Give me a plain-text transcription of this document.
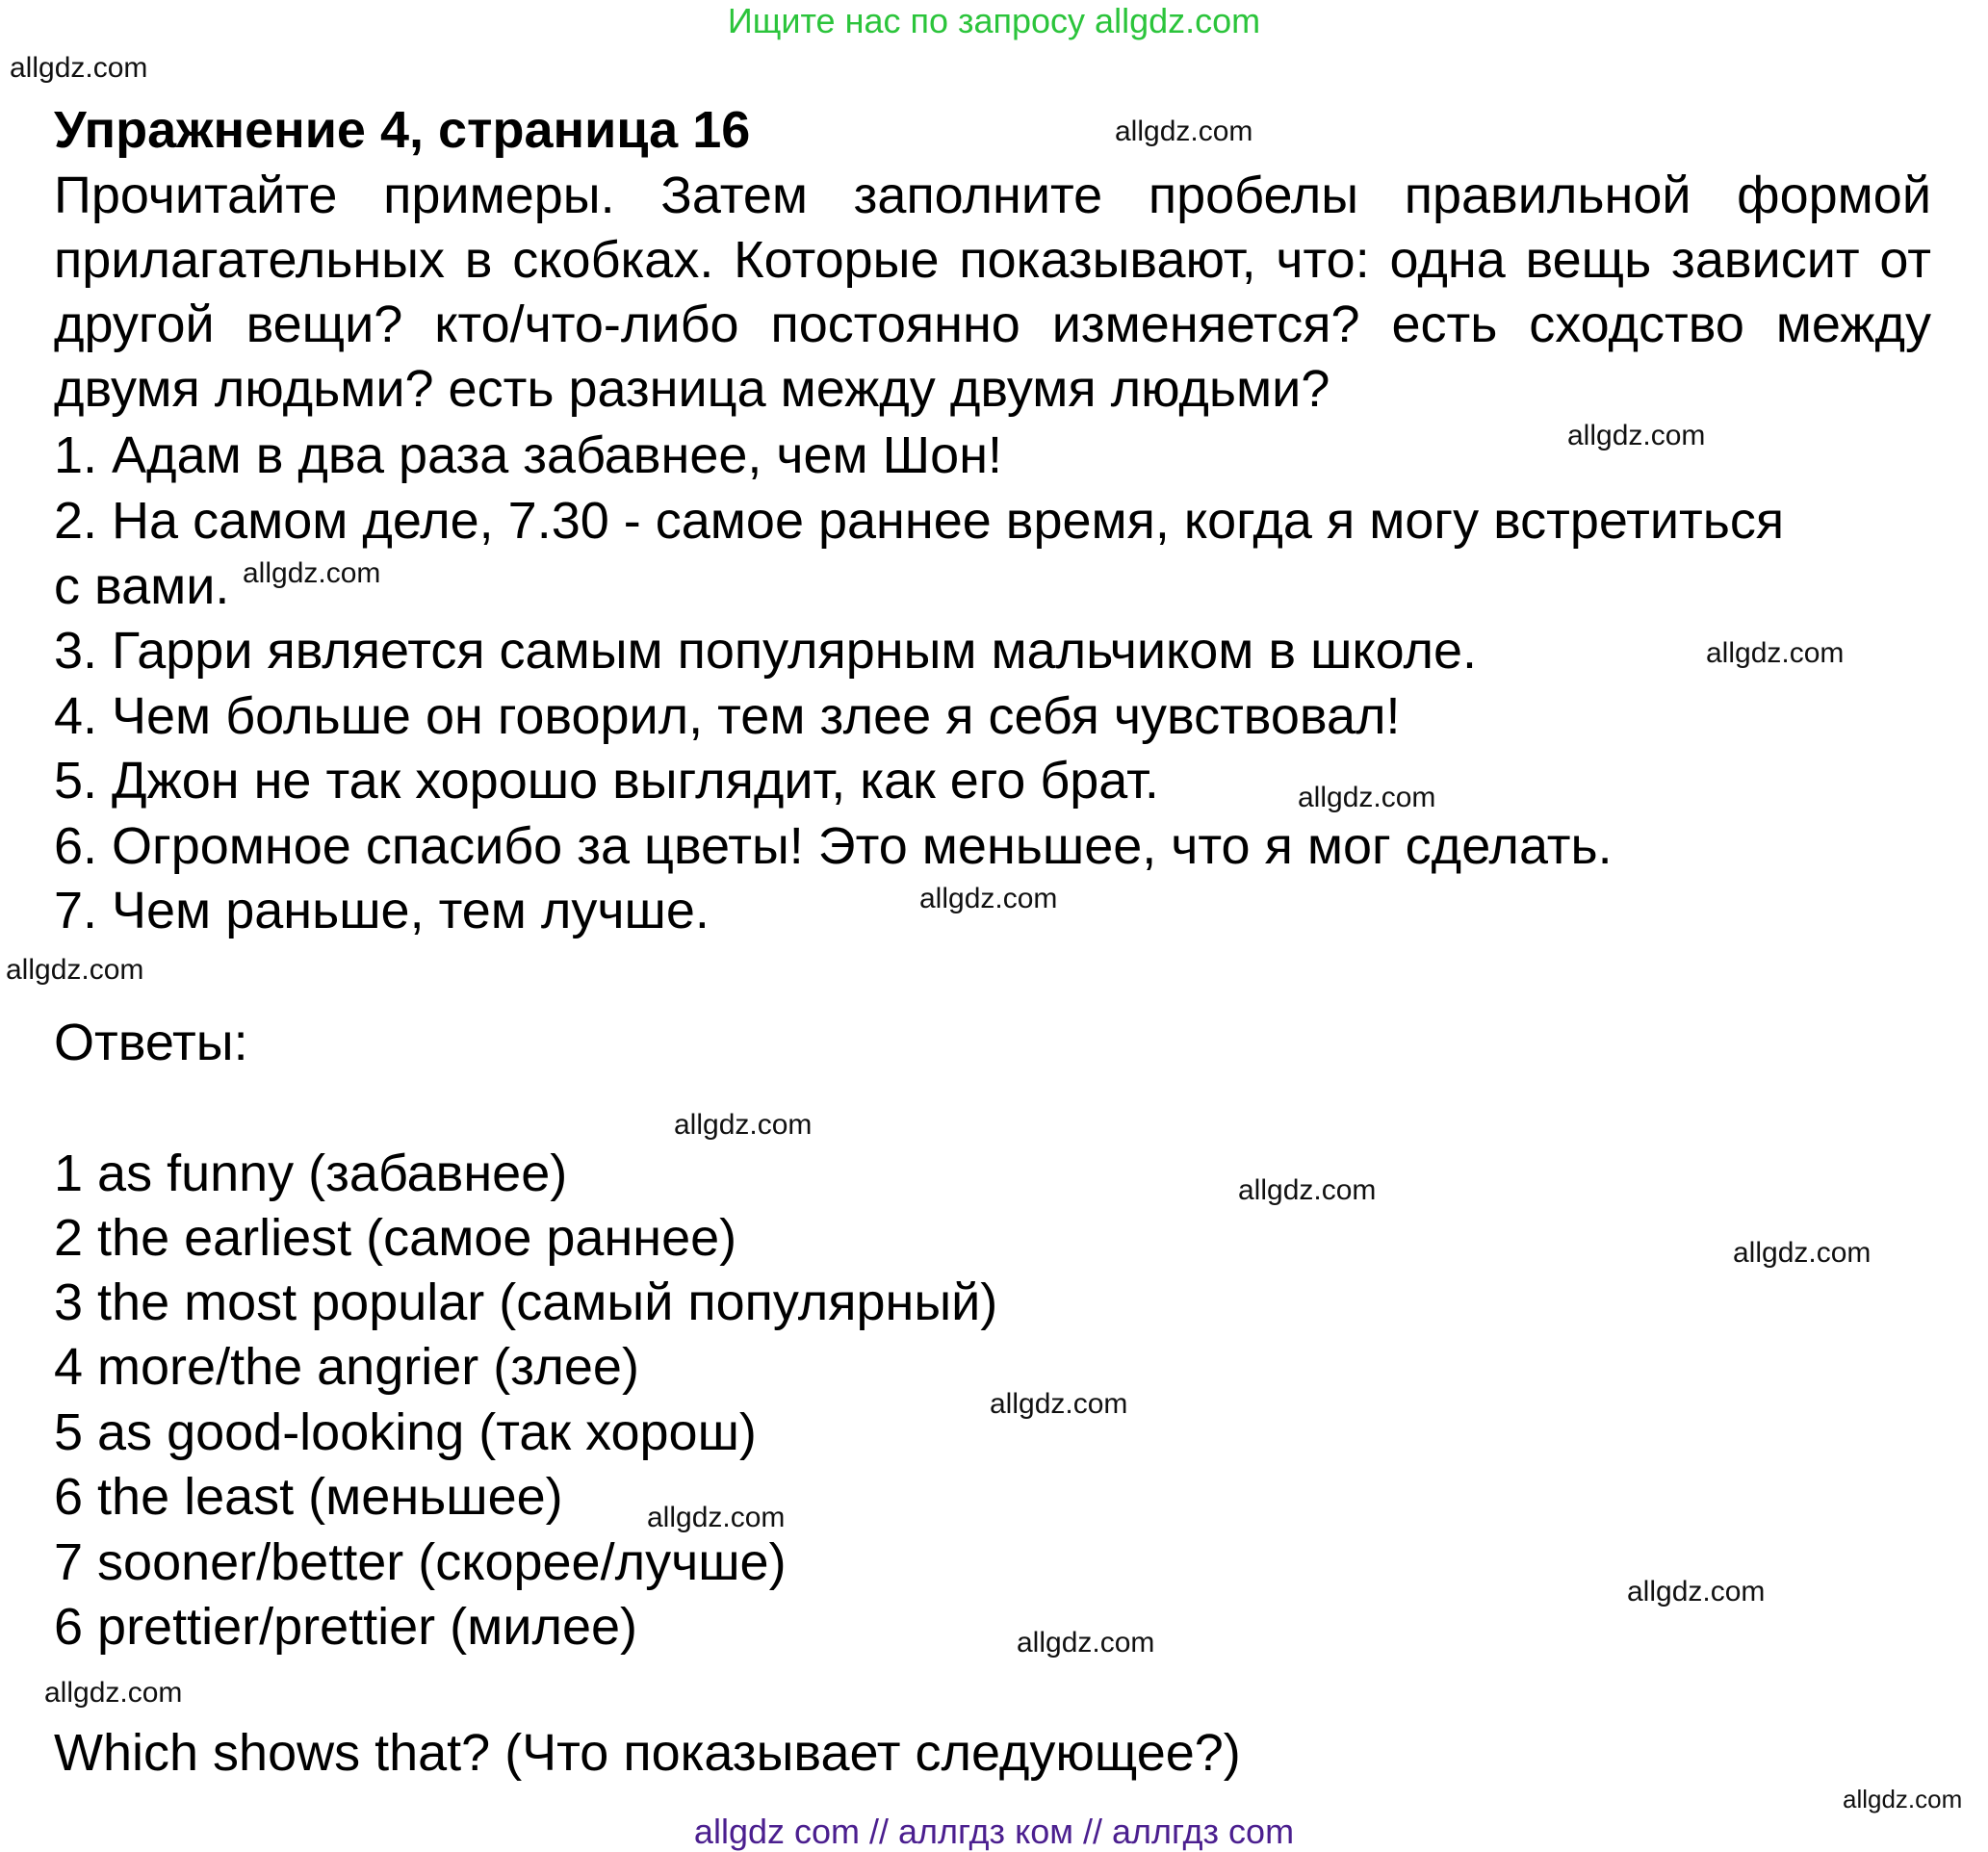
Ищите нас по запросу allgdz.com
allgdz.com
allgdz.com
allgdz.com
allgdz.com
allgdz.com
allgdz.com
allgdz.com
allgdz.com
allgdz.com
allgdz.com
allgdz.com
allgdz.com
allgdz.com
allgdz.com
allgdz.com
allgdz.com
allgdz.com
Упражнение 4, страница 16
Прочитайте примеры. Затем заполните пробелы правильной формой прилагательных в скобках. Которые показывают, что: одна вещь зависит от другой вещи? кто/что-либо постоянно изменяется? есть сходство между двумя людьми? есть разница между двумя людьми?
1. Адам в два раза забавнее, чем Шон!
2. На самом деле, 7.30 - самое раннее время, когда я могу встретиться
с вами.
3. Гарри является самым популярным мальчиком в школе.
4. Чем больше он говорил, тем злее я себя чувствовал!
5. Джон не так хорошо выглядит, как его брат.
6. Огромное спасибо за цветы! Это меньшее, что я мог сделать.
7. Чем раньше, тем лучше.
Ответы:
1 as funny (забавнее)
2 the earliest (самое раннее)
3 the most popular (самый популярный)
4 more/the angrier (злее)
5 as good-looking (так хорош)
6 the least (меньшее)
7 sooner/better (скорее/лучше)
6 prettier/prettier (милее)
Which shows that? (Что показывает следующее?)
allgdz com // аллгдз ком // аллгдз com
